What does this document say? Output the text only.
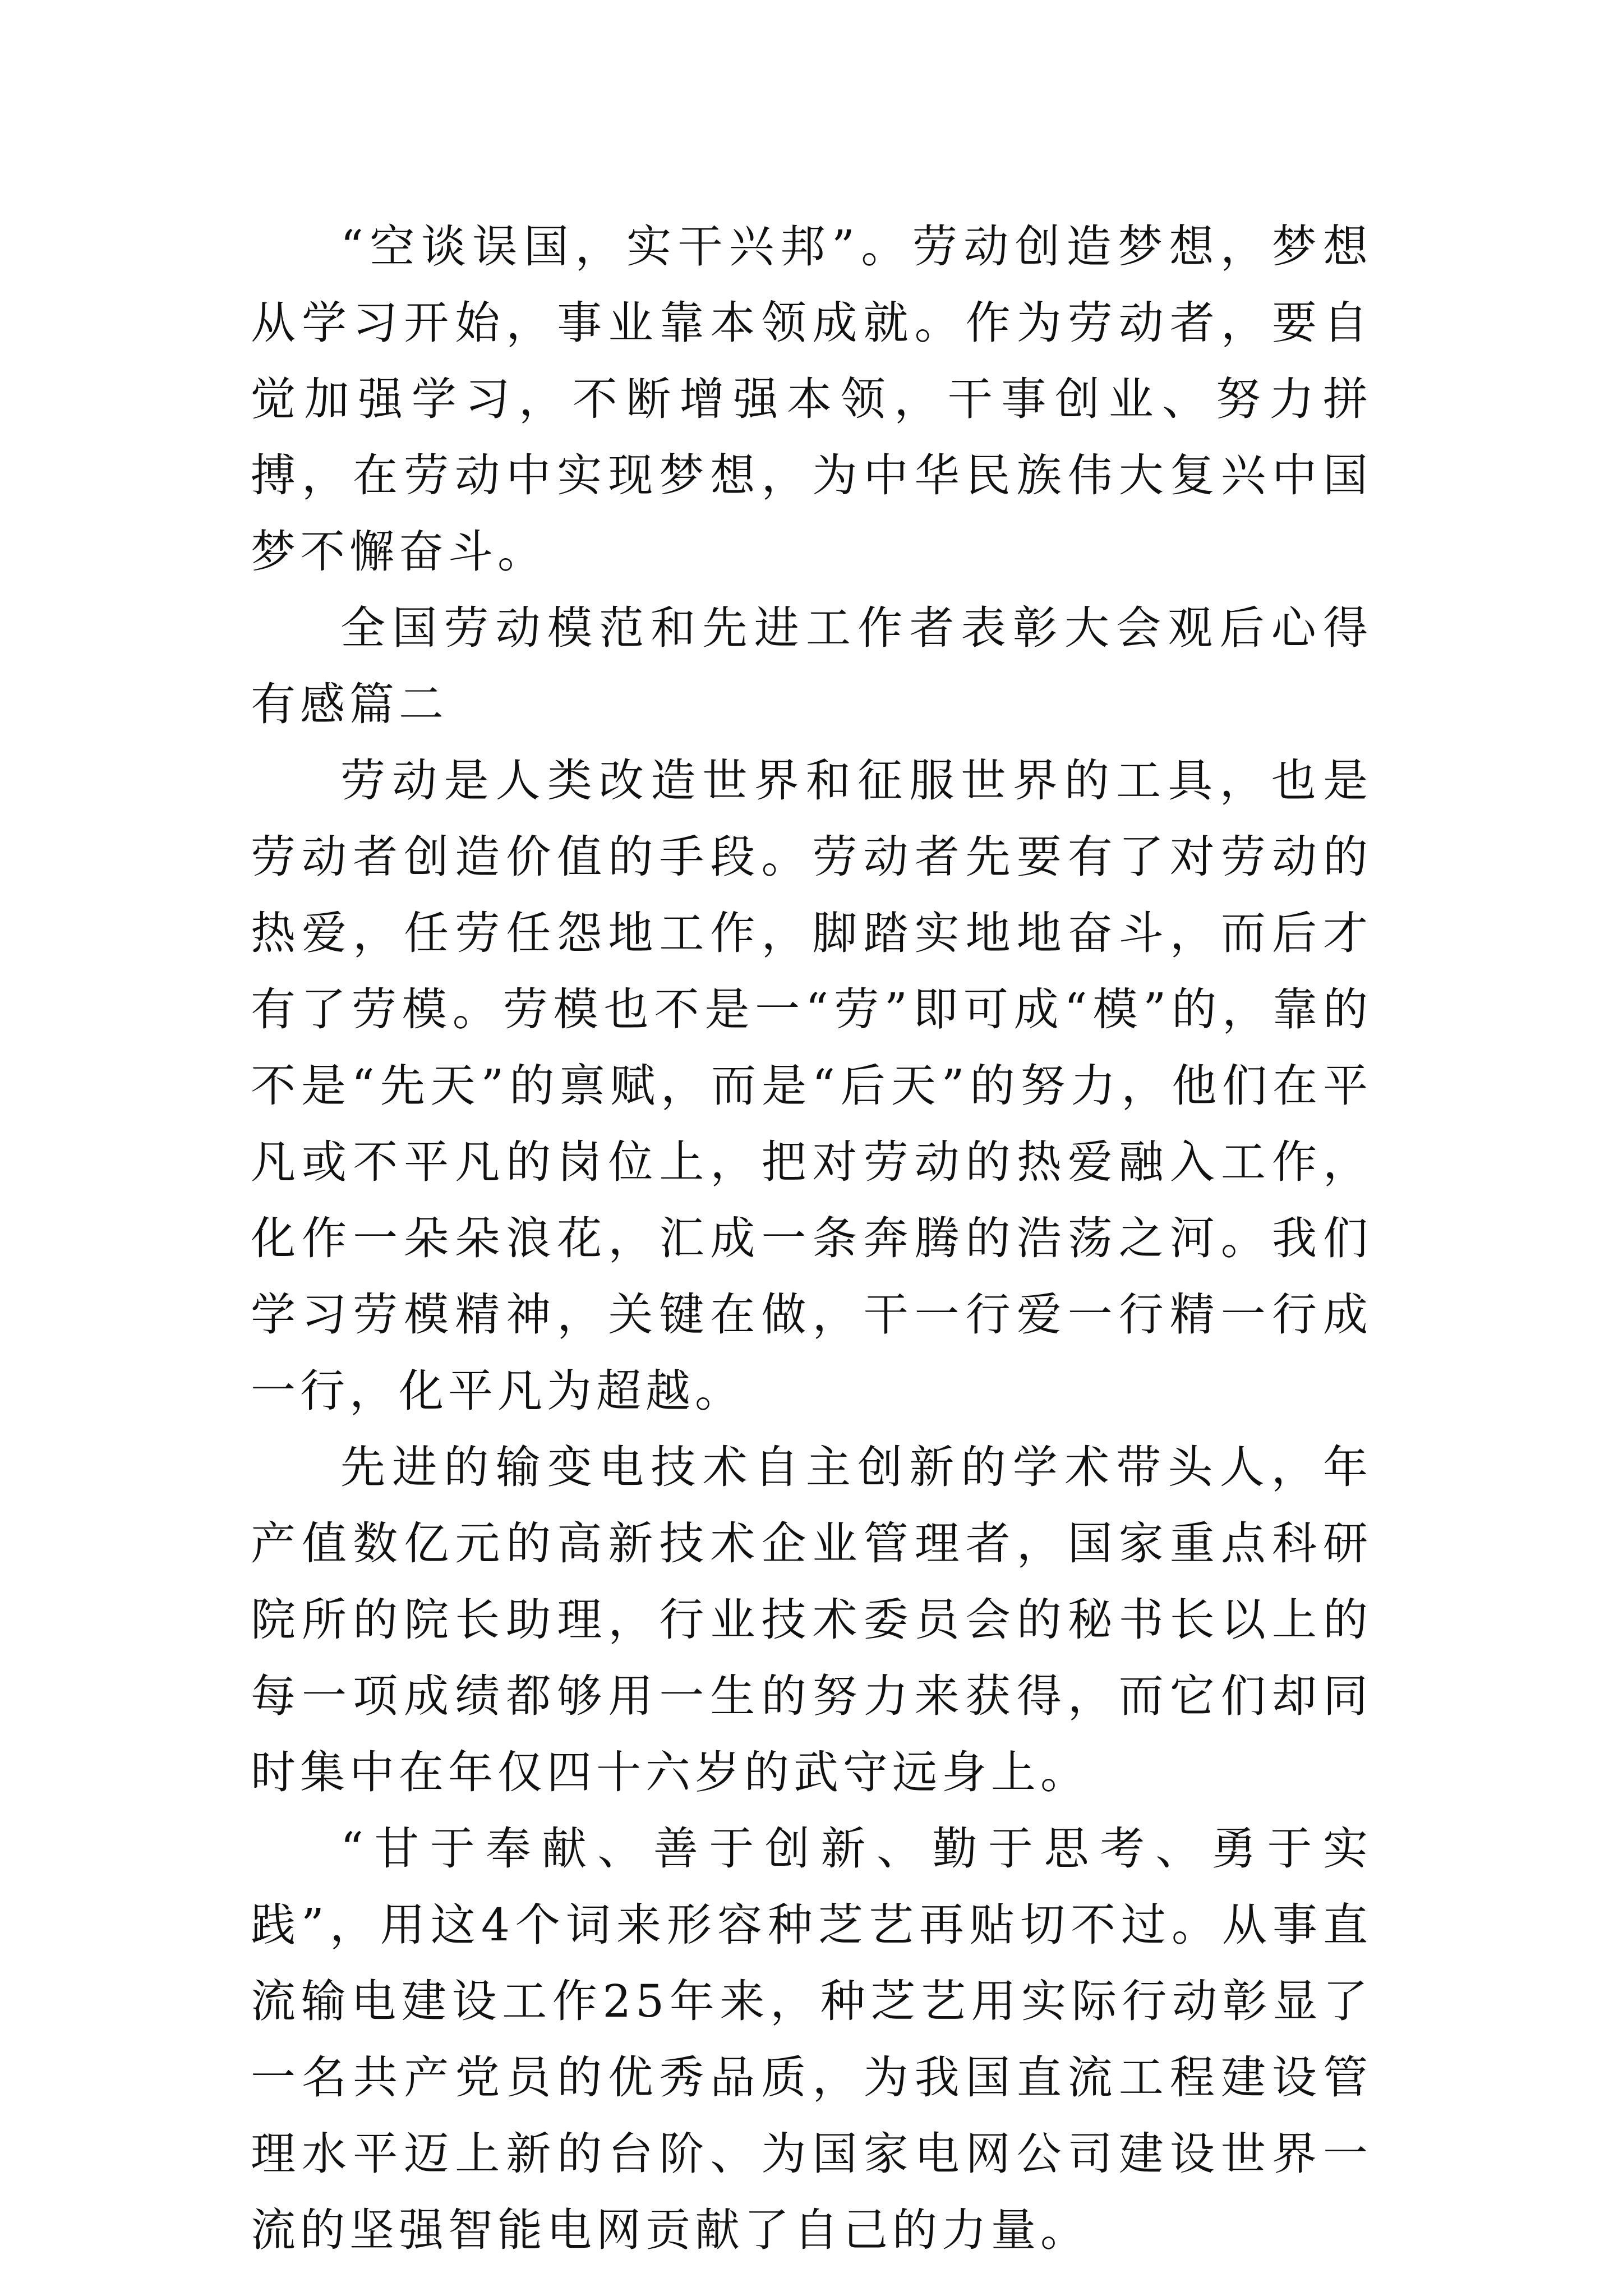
“空谈误国，实干兴邦”。劳动创造梦想，梦想从学习开始，事业靠本领成就。作为劳动者，要自觉加强学习，不断增强本领，干事创业、努力拼搏，在劳动中实现梦想，为中华民族伟大复兴中国梦不懈奋斗。

全国劳动模范和先进工作者表彰大会观后心得有感篇二

劳动是人类改造世界和征服世界的工具，也是劳动者创造价值的手段。劳动者先要有了对劳动的热爱，任劳任怨地工作，脚踏实地地奋斗，而后才有了劳模。劳模也不是一“劳”即可成“模”的，靠的不是“先天”的禀赋，而是“后天”的努力，他们在平凡或不平凡的岗位上，把对劳动的热爱融入工作，化作一朵朵浪花，汇成一条奔腾的浩荡之河。我们学习劳模精神，关键在做，干一行爱一行精一行成一行，化平凡为超越。

先进的输变电技术自主创新的学术带头人，年产值数亿元的高新技术企业管理者，国家重点科研院所的院长助理，行业技术委员会的秘书长以上的每一项成绩都够用一生的努力来获得，而它们却同时集中在年仅四十六岁的武守远身上。

“甘于奉献、善于创新、勤于思考、勇于实践”，用这4个词来形容种芝艺再贴切不过。从事直流输电建设工作25年来，种芝艺用实际行动彰显了一名共产党员的优秀品质，为我国直流工程建设管理水平迈上新的台阶、为国家电网公司建设世界一流的坚强智能电网贡献了自己的力量。
